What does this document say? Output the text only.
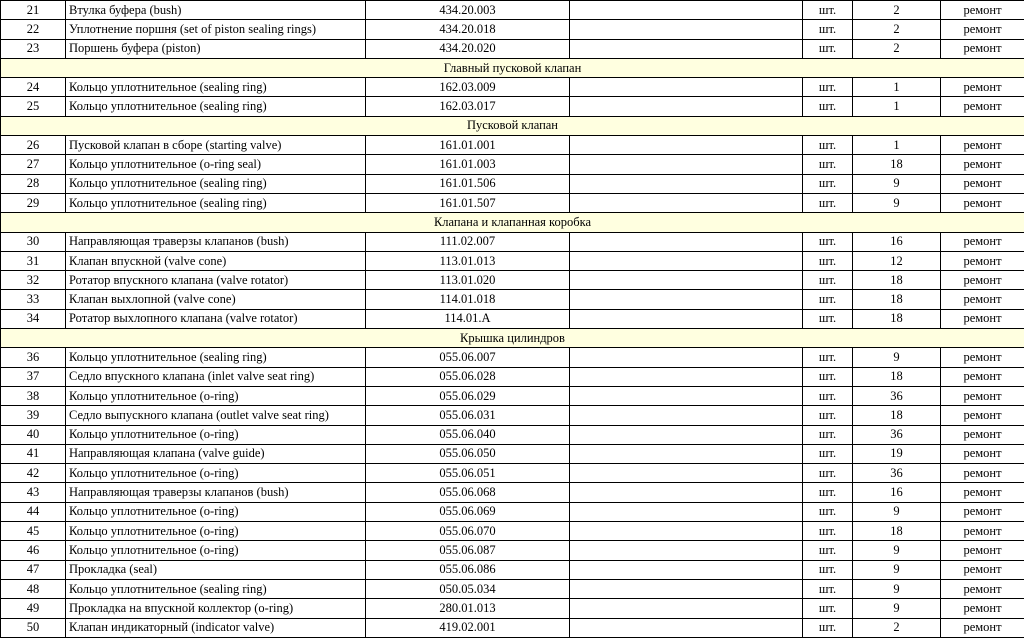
21	Втулка буфера (bush)	434.20.003		шт.	2	ремонт
22	Уплотнение поршня (set of piston sealing rings)	434.20.018		шт.	2	ремонт
23	Поршень буфера (piston)	434.20.020		шт.	2	ремонт
Главный пусковой клапан						
24	Кольцо уплотнительное (sealing ring)	162.03.009		шт.	1	ремонт
25	Кольцо уплотнительное (sealing ring)	162.03.017		шт.	1	ремонт
Пусковой клапан						
26	Пусковой клапан в сборе (starting valve)	161.01.001		шт.	1	ремонт
27	Кольцо уплотнительное (o-ring seal)	161.01.003		шт.	18	ремонт
28	Кольцо уплотнительное (sealing ring)	161.01.506		шт.	9	ремонт
29	Кольцо уплотнительное (sealing ring)	161.01.507		шт.	9	ремонт
Клапана и клапанная коробка						
30	Направляющая траверзы клапанов (bush)	111.02.007		шт.	16	ремонт
31	Клапан впускной (valve cone)	113.01.013		шт.	12	ремонт
32	Ротатор впускного клапана (valve rotator)	113.01.020		шт.	18	ремонт
33	Клапан выхлопной (valve cone)	114.01.018		шт.	18	ремонт
34	Ротатор выхлопного клапана (valve rotator)	114.01.A		шт.	18	ремонт
Крышка цилиндров						
36	Кольцо уплотнительное (sealing ring)	055.06.007		шт.	9	ремонт
37	Седло впускного клапана (inlet valve seat ring)	055.06.028		шт.	18	ремонт
38	Кольцо уплотнительное (o-ring)	055.06.029		шт.	36	ремонт
39	Седло выпускного клапана (outlet valve seat ring)	055.06.031		шт.	18	ремонт
40	Кольцо уплотнительное (o-ring)	055.06.040		шт.	36	ремонт
41	Направляющая клапана (valve guide)	055.06.050		шт.	19	ремонт
42	Кольцо уплотнительное (o-ring)	055.06.051		шт.	36	ремонт
43	Направляющая траверзы клапанов (bush)	055.06.068		шт.	16	ремонт
44	Кольцо уплотнительное (o-ring)	055.06.069		шт.	9	ремонт
45	Кольцо уплотнительное (o-ring)	055.06.070		шт.	18	ремонт
46	Кольцо уплотнительное (o-ring)	055.06.087		шт.	9	ремонт
47	Прокладка (seal)	055.06.086		шт.	9	ремонт
48	Кольцо уплотнительное (sealing ring)	050.05.034		шт.	9	ремонт
49	Прокладка на впускной коллектор (o-ring)	280.01.013		шт.	9	ремонт
50	Клапан индикаторный (indicator valve)	419.02.001		шт.	2	ремонт
